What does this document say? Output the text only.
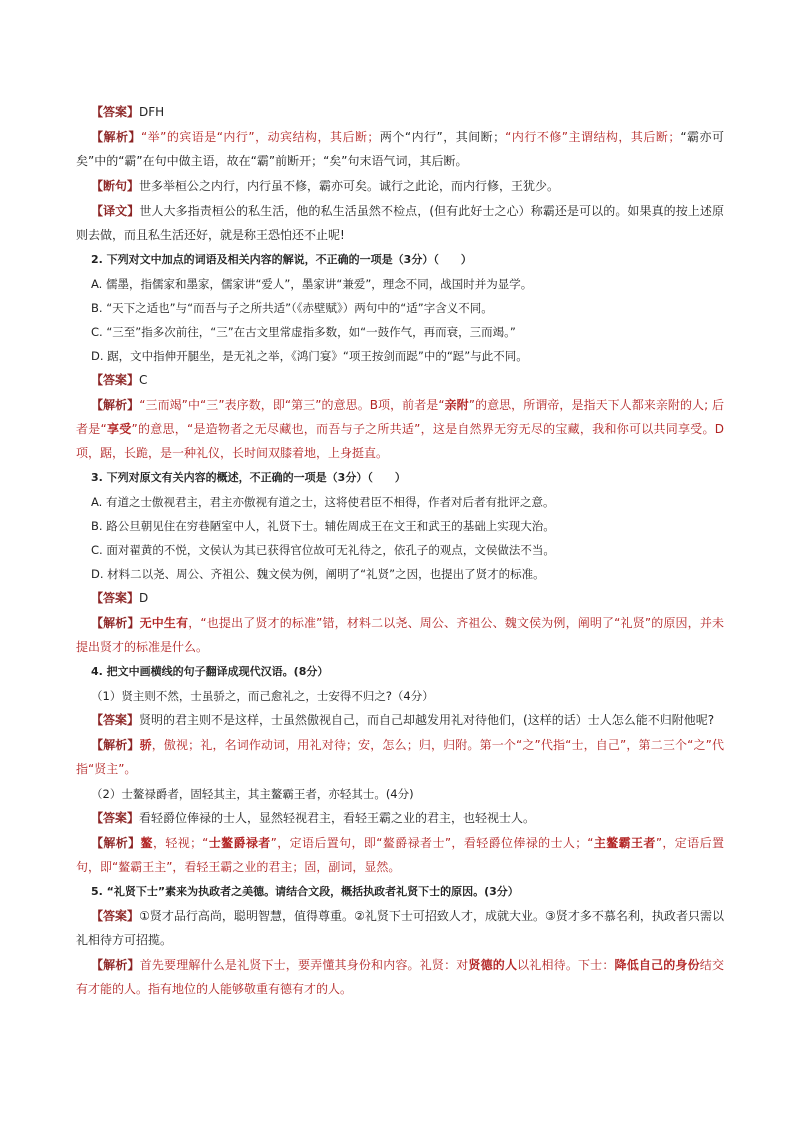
【答案】DFH

【解析】“举”的宾语是“内行”，动宾结构，其后断；两个“内行”，其间断；“内行不修”主谓结构，其后断；“霸亦可矣”中的“霸”在句中做主语，故在“霸”前断开；“矣”句末语气词，其后断。

【断句】世多举桓公之内行，内行虽不修，霸亦可矣。诚行之此论，而内行修，王犹少。

【译文】世人大多指责桓公的私生活，他的私生活虽然不检点，(但有此好士之心）称霸还是可以的。如果真的按上述原则去做，而且私生活还好，就是称王恐怕还不止呢!

2. 下列对文中加点的词语及相关内容的解说，不正确的一项是（3分）（　　）

A. 儒墨，指儒家和墨家，儒家讲“爱人”，墨家讲“兼爱”，理念不同，战国时并为显学。

B. “天下之适也”与“而吾与子之所共适”（《赤壁赋》）两句中的“适”字含义不同。

C. “三至”指多次前往，“三”在古文里常虚指多数，如“一鼓作气，再而衰，三而竭。”

D. 踞，文中指伸开腿坐，是无礼之举，《鸿门宴》“项王按剑而跽”中的“跽”与此不同。

【答案】C

【解析】“三而竭”中“三”表序数，即“第三”的意思。B项，前者是“亲附”的意思，所谓帝，是指天下人都来亲附的人; 后者是“享受”的意思，“是造物者之无尽藏也，而吾与子之所共适”，这是自然界无穷无尽的宝藏，我和你可以共同享受。D项，踞，长跪，是一种礼仪，长时间双膝着地，上身挺直。

3. 下列对原文有关内容的概述，不正确的一项是（3分）（　　）

A. 有道之士傲视君主，君主亦傲视有道之士，这将使君臣不相得，作者对后者有批评之意。

B. 路公旦朝见住在穷巷陋室中人，礼贤下士。辅佐周成王在文王和武王的基础上实现大治。

C. 面对翟黄的不悦，文侯认为其已获得官位故可无礼待之，依孔子的观点，文侯做法不当。

D. 材料二以尧、周公、齐祖公、魏文侯为例，阐明了“礼贤”之因，也提出了贤才的标准。

【答案】D

【解析】无中生有，“也提出了贤才的标准”错，材料二以尧、周公、齐祖公、魏文侯为例，阐明了“礼贤”的原因，并未提出贤才的标准是什么。

4. 把文中画横线的句子翻译成现代汉语。(8分）

（1）贤主则不然，士虽骄之，而己愈礼之，士安得不归之?（4分）

【答案】贤明的君主则不是这样，士虽然傲视自己，而自己却越发用礼对待他们，(这样的话）士人怎么能不归附他呢?

【解析】骄，傲视；礼，名词作动词，用礼对待；安，怎么；归，归附。第一个“之”代指“士，自己”，第二三个“之”代指“贤主”。

（2）士鳌禄爵者，固轻其主，其主鳌霸王者，亦轻其士。(4分)

【答案】看轻爵位俸禄的士人，显然轻视君主，看轻王霸之业的君主，也轻视士人。

【解析】鳌，轻视；“士鳌爵禄者”，定语后置句，即“鳌爵禄者士”，看轻爵位俸禄的士人；“主鳌霸王者”，定语后置句，即“鳌霸王主”，看轻王霸之业的君主；固，副词，显然。

5. “礼贤下士”素来为执政者之美德。请结合文段，概括执政者礼贤下士的原因。(3分）

【答案】①贤才品行高尚，聪明智慧，值得尊重。②礼贤下士可招致人才，成就大业。③贤才多不慕名利，执政者只需以礼相待方可招揽。

【解析】首先要理解什么是礼贤下士，要弄懂其身份和内容。礼贤：对贤德的人以礼相待。下士：降低自己的身份结交有才能的人。指有地位的人能够敬重有德有才的人。
